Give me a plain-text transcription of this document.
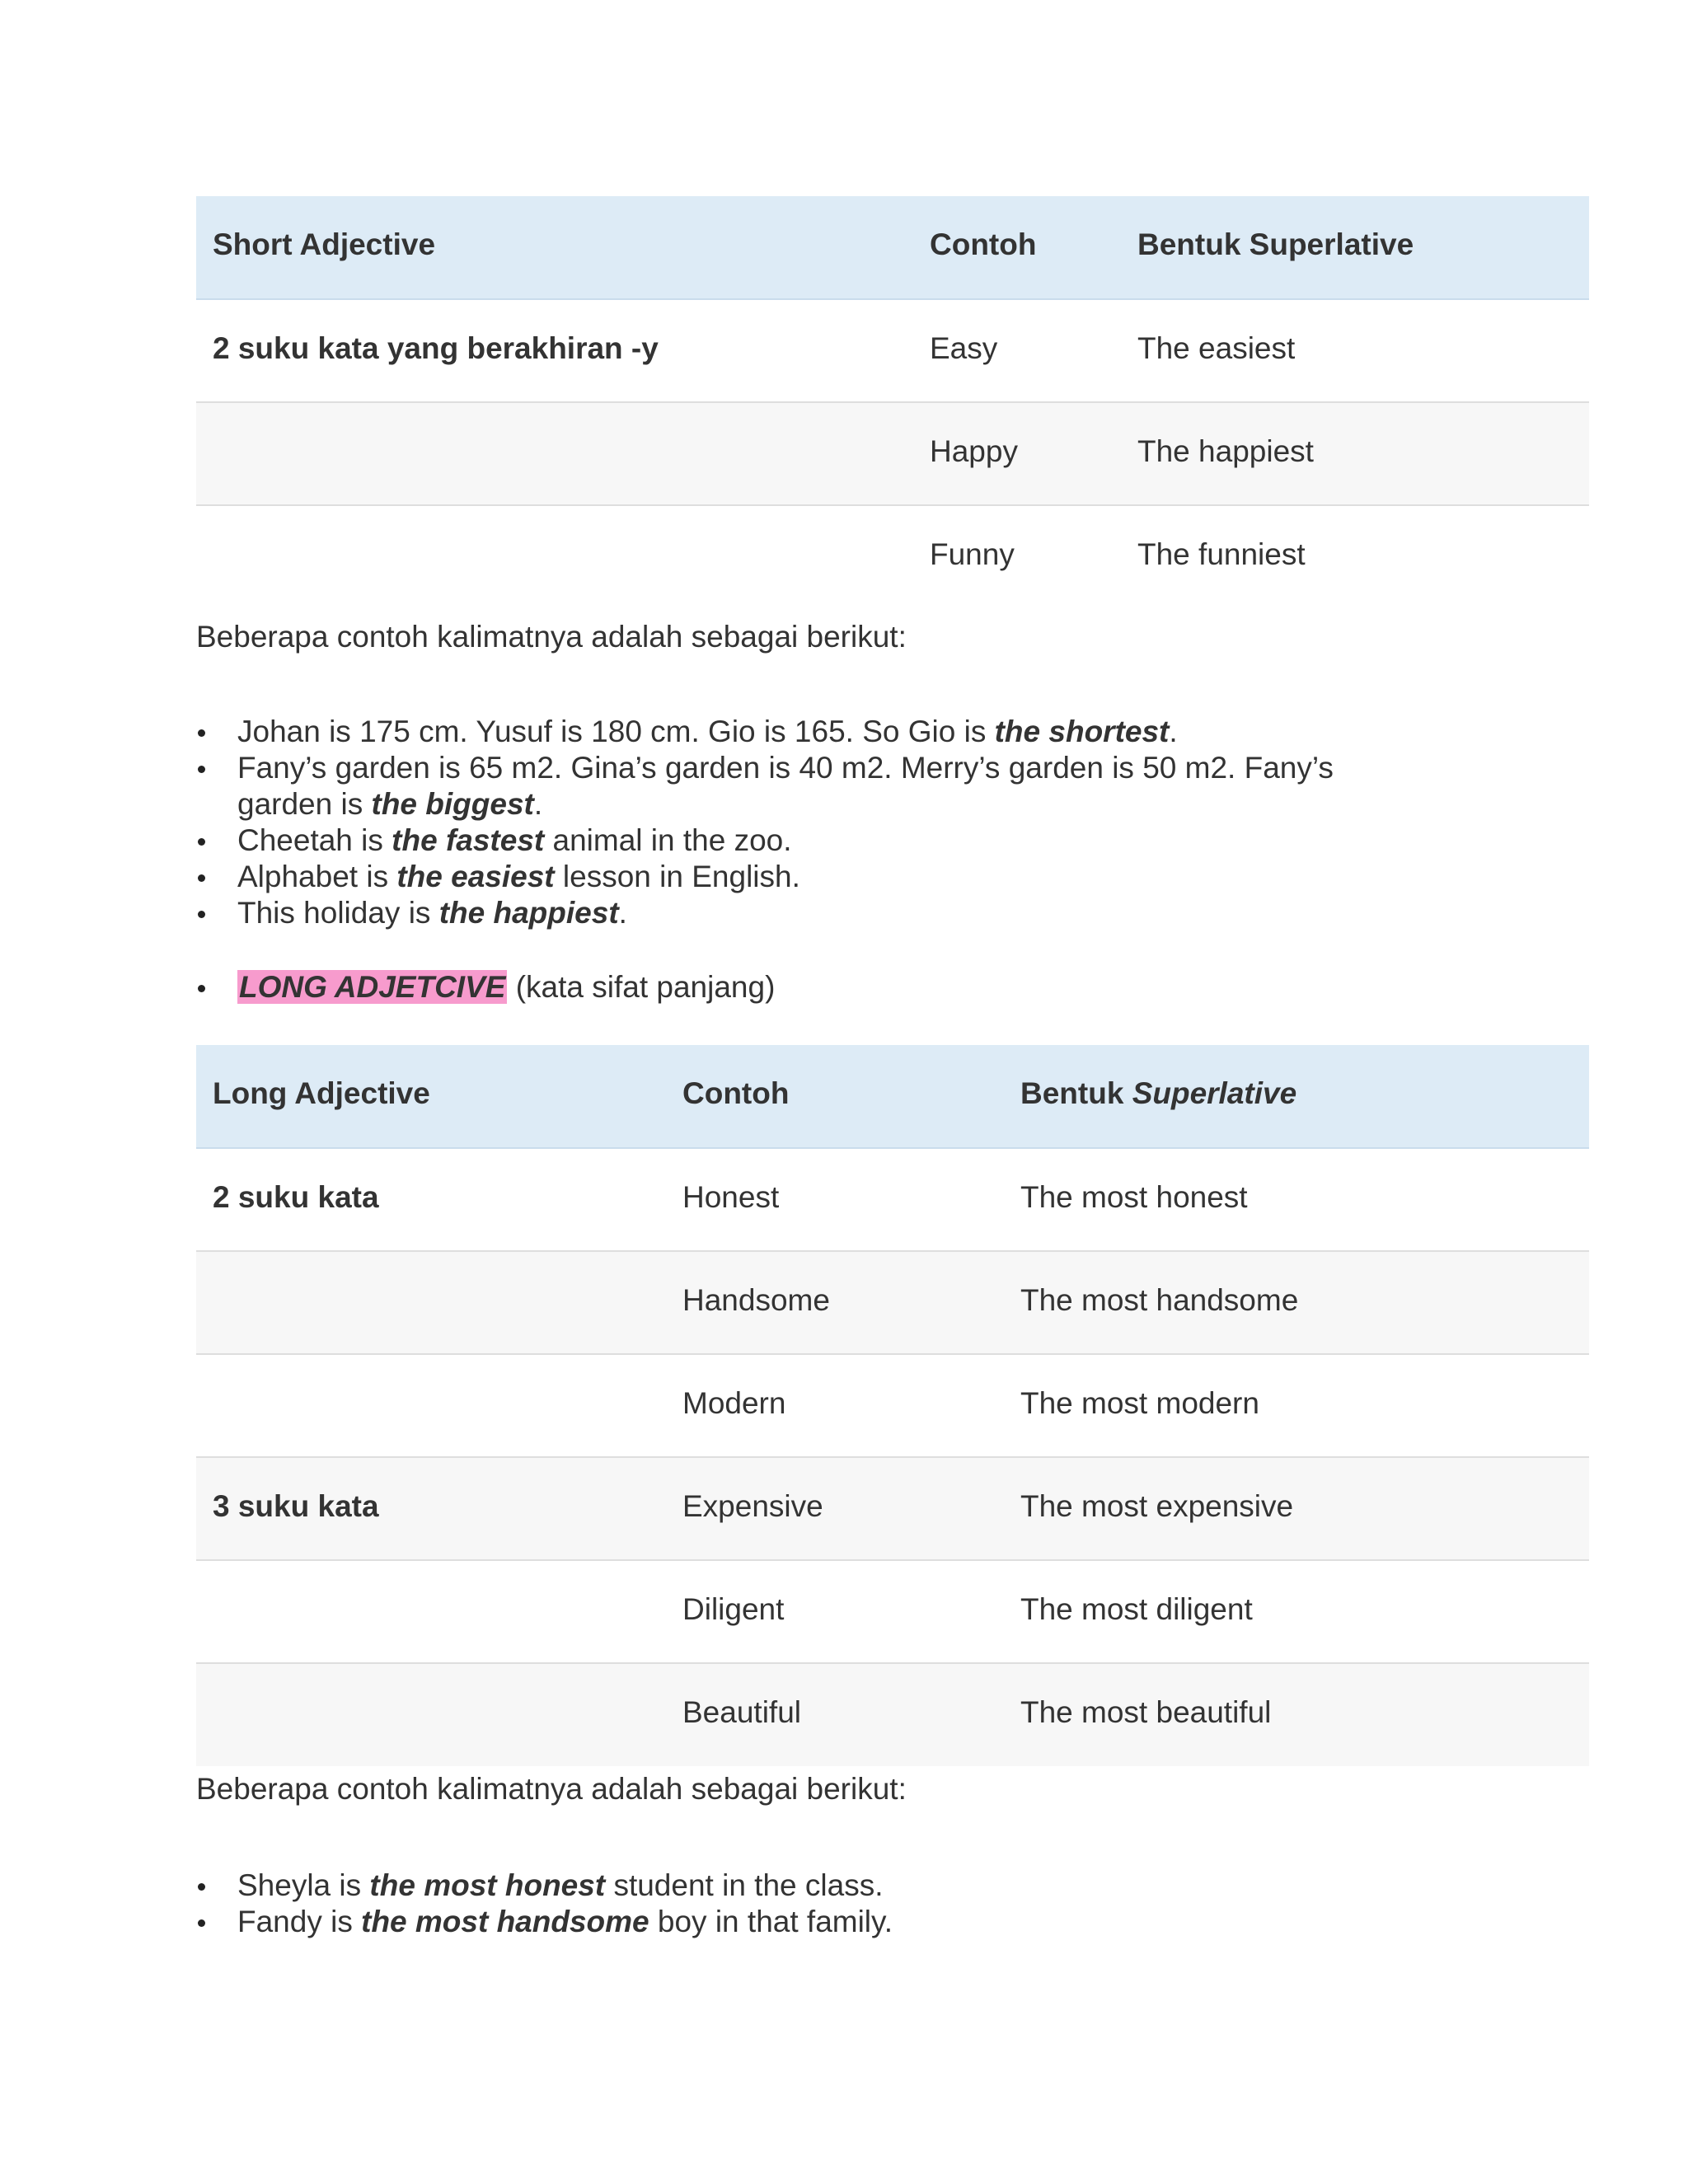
Short Adjective	Contoh	Bentuk Superlative
2 suku kata yang berakhiran -y	Easy	The easiest
	Happy	The happiest
	Funny	The funniest
Beberapa contoh kalimatnya adalah sebagai berikut:
Johan is 175 cm. Yusuf is 180 cm. Gio is 165. So Gio is the shortest.
Fany’s garden is 65 m2. Gina’s garden is 40 m2. Merry’s garden is 50 m2. Fany’s garden is the biggest.
Cheetah is the fastest animal in the zoo.
Alphabet is the easiest lesson in English.
This holiday is the happiest.
LONG ADJETCIVE (kata sifat panjang)
Long Adjective	Contoh	Bentuk Superlative
2 suku kata	Honest	The most honest
	Handsome	The most handsome
	Modern	The most modern
3 suku kata	Expensive	The most expensive
	Diligent	The most diligent
	Beautiful	The most beautiful
Beberapa contoh kalimatnya adalah sebagai berikut:
Sheyla is the most honest student in the class.
Fandy is the most handsome boy in that family.
